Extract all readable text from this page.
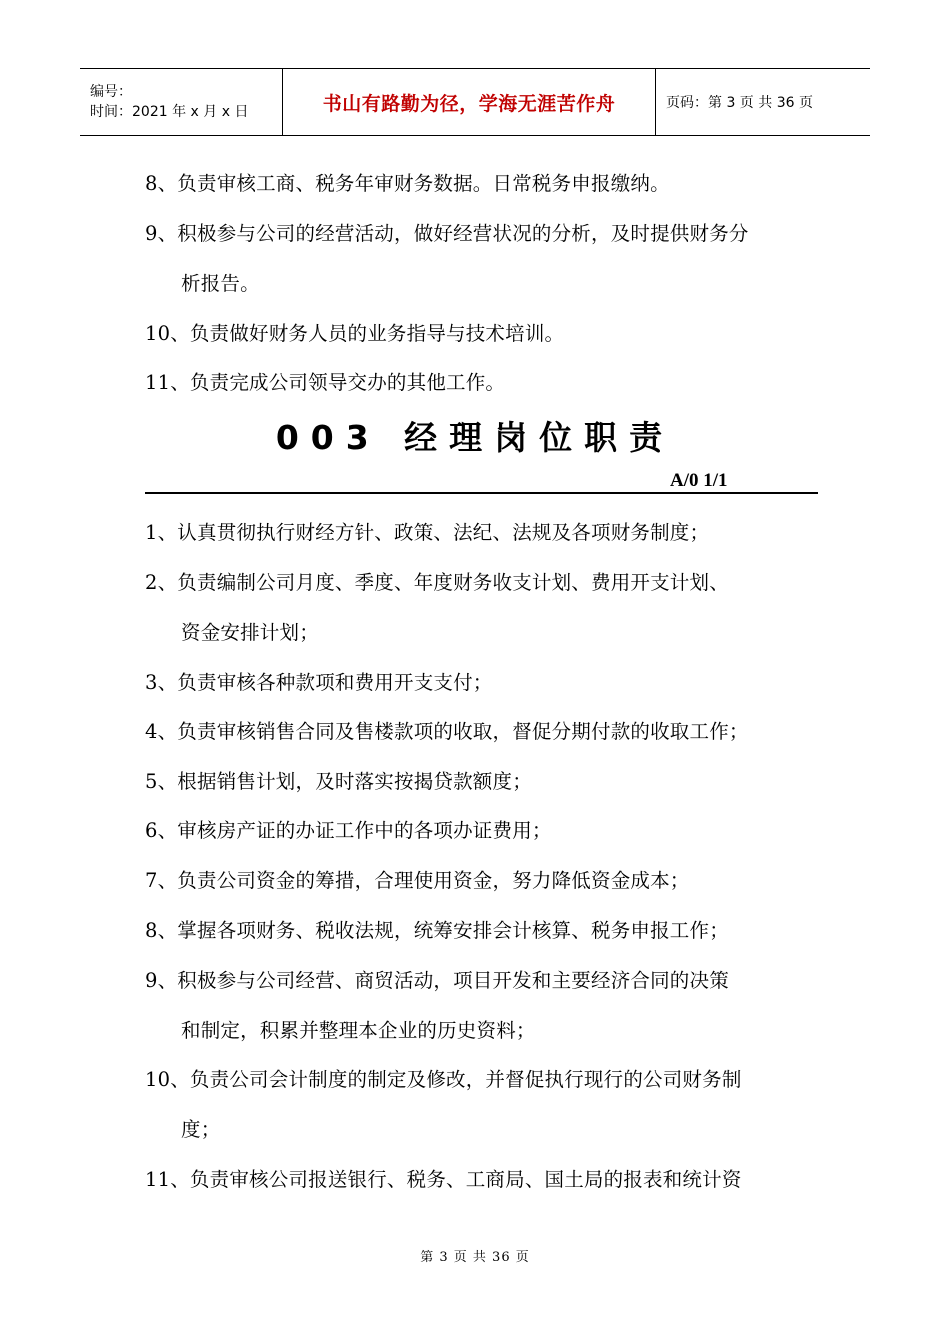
编号：
时间：2021 年 x 月 x 日	书山有路勤为径，学海无涯苦作舟	页码：第 3 页 共 36 页
8、负责审核工商、税务年审财务数据。日常税务申报缴纳。
9、积极参与公司的经营活动，做好经营状况的分析，及时提供财务分
析报告。
10、负责做好财务人员的业务指导与技术培训。
11、负责完成公司领导交办的其他工作。
003 经理岗位职责
A/0 1/1
1、认真贯彻执行财经方针、政策、法纪、法规及各项财务制度；
2、负责编制公司月度、季度、年度财务收支计划、费用开支计划、
资金安排计划；
3、负责审核各种款项和费用开支支付；
4、负责审核销售合同及售楼款项的收取，督促分期付款的收取工作；
5、根据销售计划，及时落实按揭贷款额度；
6、审核房产证的办证工作中的各项办证费用；
7、负责公司资金的筹措，合理使用资金，努力降低资金成本；
8、掌握各项财务、税收法规，统筹安排会计核算、税务申报工作；
9、积极参与公司经营、商贸活动，项目开发和主要经济合同的决策
和制定，积累并整理本企业的历史资料；
10、负责公司会计制度的制定及修改，并督促执行现行的公司财务制
度；
11、负责审核公司报送银行、税务、工商局、国土局的报表和统计资
第 3 页 共 36 页
